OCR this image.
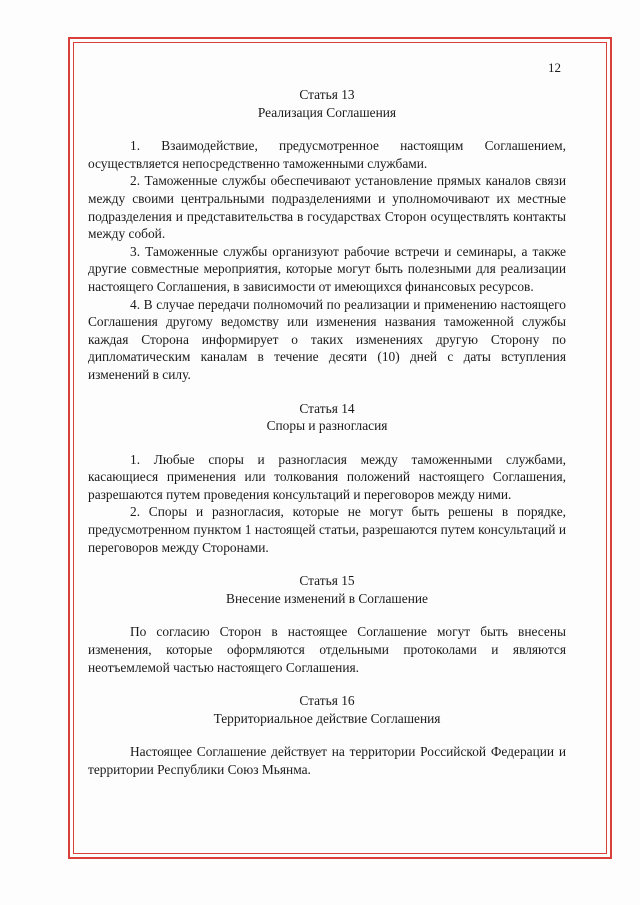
12

Статья 13

Реализация Соглашения

1. Взаимодействие, предусмотренное настоящим Соглашением, осуществляется непосредственно таможенными службами.

2. Таможенные службы обеспечивают установление прямых каналов связи между своими центральными подразделениями и уполномочивают их местные подразделения и представительства в государствах Сторон осуществлять контакты между собой.

3. Таможенные службы организуют рабочие встречи и семинары, а также другие совместные мероприятия, которые могут быть полезными для реализации настоящего Соглашения, в зависимости от имеющихся финансовых ресурсов.

4. В случае передачи полномочий по реализации и применению настоящего Соглашения другому ведомству или изменения названия таможенной службы каждая Сторона информирует о таких изменениях другую Сторону по дипломатическим каналам в течение десяти (10) дней с даты вступления изменений в силу.

Статья 14

Споры и разногласия

1. Любые споры и разногласия между таможенными службами, касающиеся применения или толкования положений настоящего Соглашения, разрешаются путем проведения консультаций и переговоров между ними.

2. Споры и разногласия, которые не могут быть решены в порядке, предусмотренном пунктом 1 настоящей статьи, разрешаются путем консультаций и переговоров между Сторонами.

Статья 15

Внесение изменений в Соглашение

По согласию Сторон в настоящее Соглашение могут быть внесены изменения, которые оформляются отдельными протоколами и являются неотъемлемой частью настоящего Соглашения.

Статья 16

Территориальное действие Соглашения

Настоящее Соглашение действует на территории Российской Федерации и территории Республики Союз Мьянма.
